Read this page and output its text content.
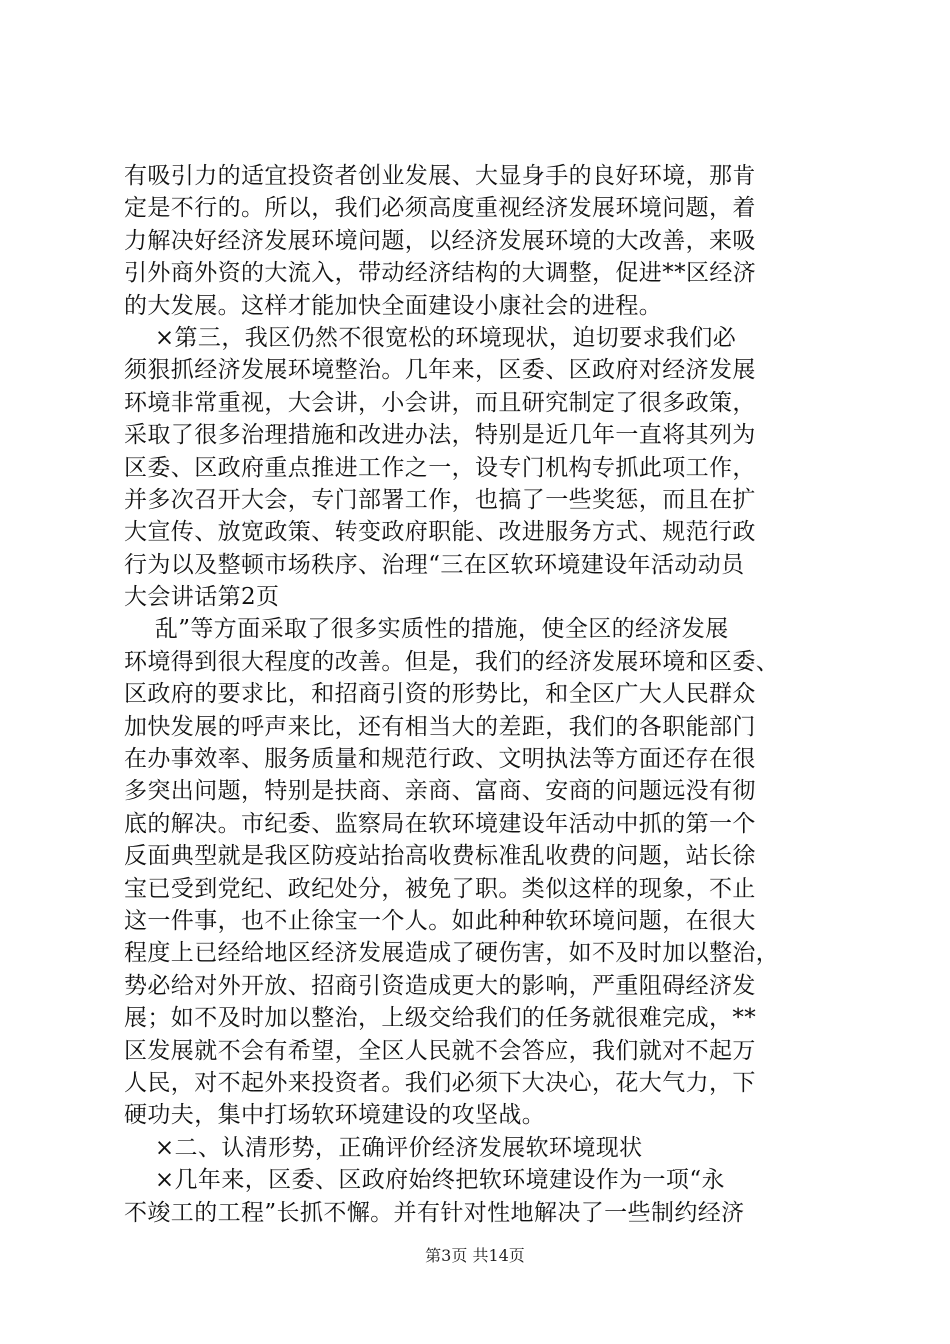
有吸引力的适宜投资者创业发展、大显身手的良好环境，那肯
定是不行的。所以，我们必须高度重视经济发展环境问题，着
力解决好经济发展环境问题，以经济发展环境的大改善，来吸
引外商外资的大流入，带动经济结构的大调整，促进**区经济
的大发展。这样才能加快全面建设小康社会的进程。
×第三，我区仍然不很宽松的环境现状，迫切要求我们必
须狠抓经济发展环境整治。几年来，区委、区政府对经济发展
环境非常重视，大会讲，小会讲，而且研究制定了很多政策，
采取了很多治理措施和改进办法，特别是近几年一直将其列为
区委、区政府重点推进工作之一，设专门机构专抓此项工作，
并多次召开大会，专门部署工作，也搞了一些奖惩，而且在扩
大宣传、放宽政策、转变政府职能、改进服务方式、规范行政
行为以及整顿市场秩序、治理“三在区软环境建设年活动动员
大会讲话第2页
乱”等方面采取了很多实质性的措施，使全区的经济发展
环境得到很大程度的改善。但是，我们的经济发展环境和区委、
区政府的要求比，和招商引资的形势比，和全区广大人民群众
加快发展的呼声来比，还有相当大的差距，我们的各职能部门
在办事效率、服务质量和规范行政、文明执法等方面还存在很
多突出问题，特别是扶商、亲商、富商、安商的问题远没有彻
底的解决。市纪委、监察局在软环境建设年活动中抓的第一个
反面典型就是我区防疫站抬高收费标准乱收费的问题，站长徐
宝已受到党纪、政纪处分，被免了职。类似这样的现象，不止
这一件事，也不止徐宝一个人。如此种种软环境问题，在很大
程度上已经给地区经济发展造成了硬伤害，如不及时加以整治，
势必给对外开放、招商引资造成更大的影响，严重阻碍经济发
展；如不及时加以整治，上级交给我们的任务就很难完成，**
区发展就不会有希望，全区人民就不会答应，我们就对不起万
人民，对不起外来投资者。我们必须下大决心，花大气力，下
硬功夫，集中打场软环境建设的攻坚战。
×二、认清形势，正确评价经济发展软环境现状
×几年来，区委、区政府始终把软环境建设作为一项“永
不竣工的工程”长抓不懈。并有针对性地解决了一些制约经济
第3页 共14页
